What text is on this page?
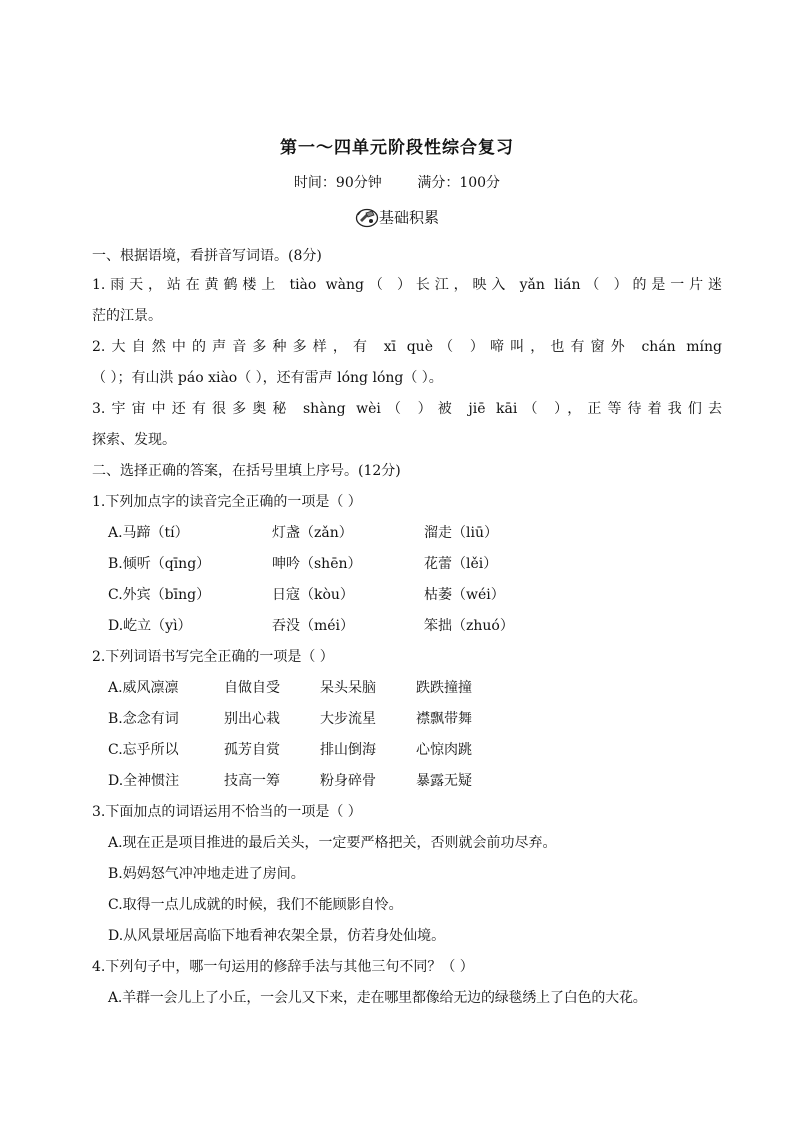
第一～四单元阶段性综合复习
时间：90分钟        满分：100分
基础积累
一、根据语境，看拼音写词语。(8分)
1.雨天，站在黄鹤楼上 tiào wàng（ ）长江，映入 yǎn lián（ ）的是一片迷
茫的江景。
2.大自然中的声音多种多样，有 xī què（ ）啼叫，也有窗外 chán míng
（ ）；有山洪 páo xiào（ ），还有雷声 lóng lóng（ ）。
3.宇宙中还有很多奥秘 shàng wèi（ ）被 jiē kāi（ ），正等待着我们去
探索、发现。
二、选择正确的答案，在括号里填上序号。(12分)
1.下列加点字的读音完全正确的一项是（ ）
A.马蹄（tí）	灯盏（zǎn）	溜走（liū）
B.倾听（qīng）	呻吟（shēn）	花蕾（lěi）
C.外宾（bīng）	日寇（kòu）	枯萎（wéi）
D.屹立（yì）	吞没（méi）	笨拙（zhuó）
2.下列词语书写完全正确的一项是（ ）
A.威风凛凛	自做自受	呆头呆脑	跌跌撞撞
B.念念有词	别出心栽	大步流星	襟飘带舞
C.忘乎所以	孤芳自赏	排山倒海	心惊肉跳
D.全神惯注	技高一筹	粉身碎骨	暴露无疑
3.下面加点的词语运用不恰当的一项是（ ）
A.现在正是项目推进的最后关头，一定要严格把关，否则就会前功尽弃。
B.妈妈怒气冲冲地走进了房间。
C.取得一点儿成就的时候，我们不能顾影自怜。
D.从风景垭居高临下地看神农架全景，仿若身处仙境。
4.下列句子中，哪一句运用的修辞手法与其他三句不同？（ ）
A.羊群一会儿上了小丘，一会儿又下来，走在哪里都像给无边的绿毯绣上了白色的大花。
